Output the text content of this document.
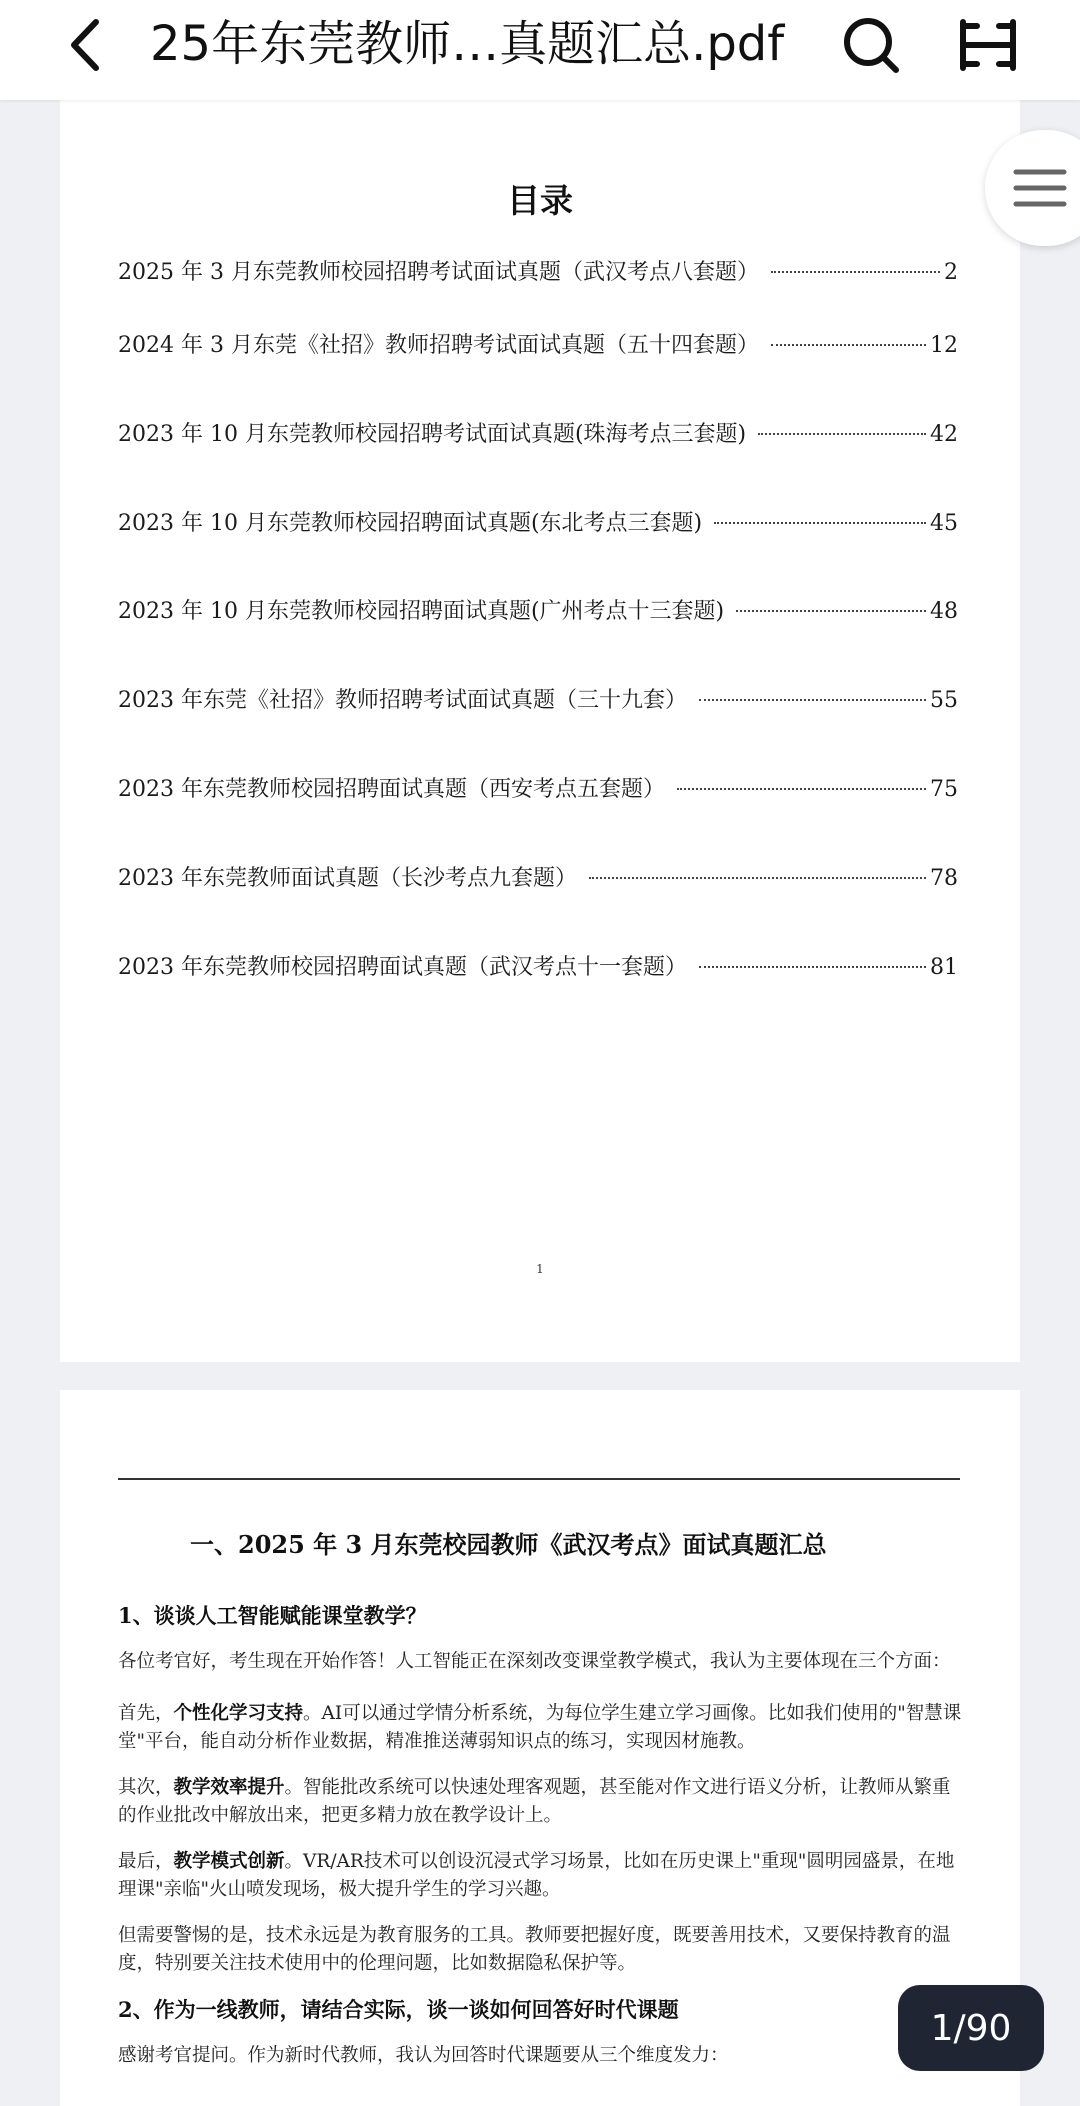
25年东莞教师…真题汇总.pdf
目录
2025 年 3 月东莞教师校园招聘考试面试真题（武汉考点八套题）	2
2024 年 3 月东莞《社招》教师招聘考试面试真题（五十四套题）	12
2023 年 10 月东莞教师校园招聘考试面试真题(珠海考点三套题)	42
2023 年 10 月东莞教师校园招聘面试真题(东北考点三套题)	45
2023 年 10 月东莞教师校园招聘面试真题(广州考点十三套题)	48
2023 年东莞《社招》教师招聘考试面试真题（三十九套）	55
2023 年东莞教师校园招聘面试真题（西安考点五套题）	75
2023 年东莞教师面试真题（长沙考点九套题）	78
2023 年东莞教师校园招聘面试真题（武汉考点十一套题）	81
1
一、2025 年 3 月东莞校园教师《武汉考点》面试真题汇总
1、谈谈人工智能赋能课堂教学？
各位考官好，考生现在开始作答！人工智能正在深刻改变课堂教学模式，我认为主要体现在三个方面：
首先，个性化学习支持。AI可以通过学情分析系统，为每位学生建立学习画像。比如我们使用的"智慧课堂"平台，能自动分析作业数据，精准推送薄弱知识点的练习，实现因材施教。
其次，教学效率提升。智能批改系统可以快速处理客观题，甚至能对作文进行语义分析，让教师从繁重的作业批改中解放出来，把更多精力放在教学设计上。
最后，教学模式创新。VR/AR技术可以创设沉浸式学习场景，比如在历史课上"重现"圆明园盛景，在地理课"亲临"火山喷发现场，极大提升学生的学习兴趣。
但需要警惕的是，技术永远是为教育服务的工具。教师要把握好度，既要善用技术，又要保持教育的温度，特别要关注技术使用中的伦理问题，比如数据隐私保护等。
2、作为一线教师，请结合实际，谈一谈如何回答好时代课题
感谢考官提问。作为新时代教师，我认为回答时代课题要从三个维度发力：
1/90
